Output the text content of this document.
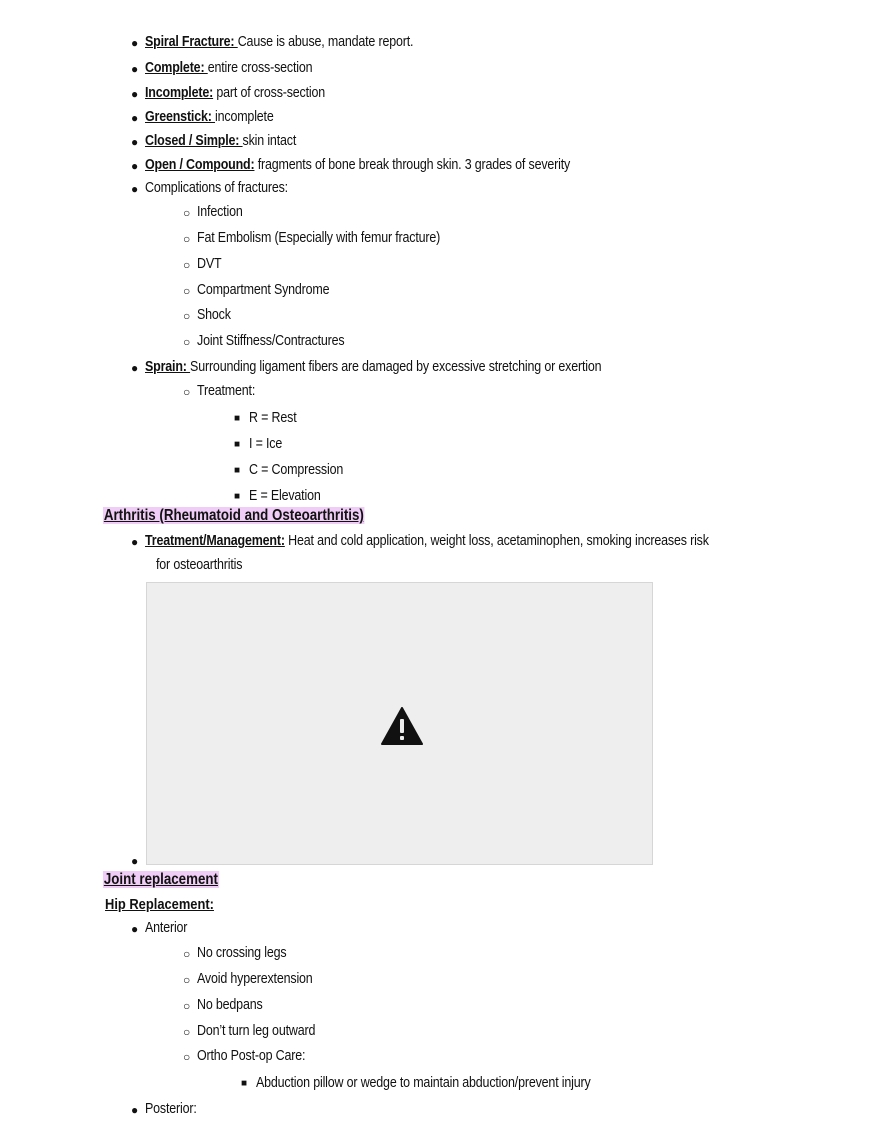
● Spiral Fracture: Cause is abuse, mandate report.
● Complete: entire cross-section
● Incomplete: part of cross-section
● Greenstick: incomplete
● Closed / Simple: skin intact
● Open / Compound: fragments of bone break through skin. 3 grades of severity
● Complications of fractures:
○ Infection
○ Fat Embolism (Especially with femur fracture)
○ DVT
○ Compartment Syndrome
○ Shock
○ Joint Stiffness/Contractures
● Sprain: Surrounding ligament fibers are damaged by excessive stretching or exertion
○ Treatment:
■ R = Rest
■ I = Ice
■ C = Compression
■ E = Elevation
Arthritis (Rheumatoid and Osteoarthritis)
● Treatment/Management: Heat and cold application, weight loss, acetaminophen, smoking increases risk
for osteoarthritis
●
Joint replacement
Hip Replacement:
● Anterior
○ No crossing legs
○ Avoid hyperextension
○ No bedpans
○ Don’t turn leg outward
○ Ortho Post-op Care:
■ Abduction pillow or wedge to maintain abduction/prevent injury
● Posterior:
